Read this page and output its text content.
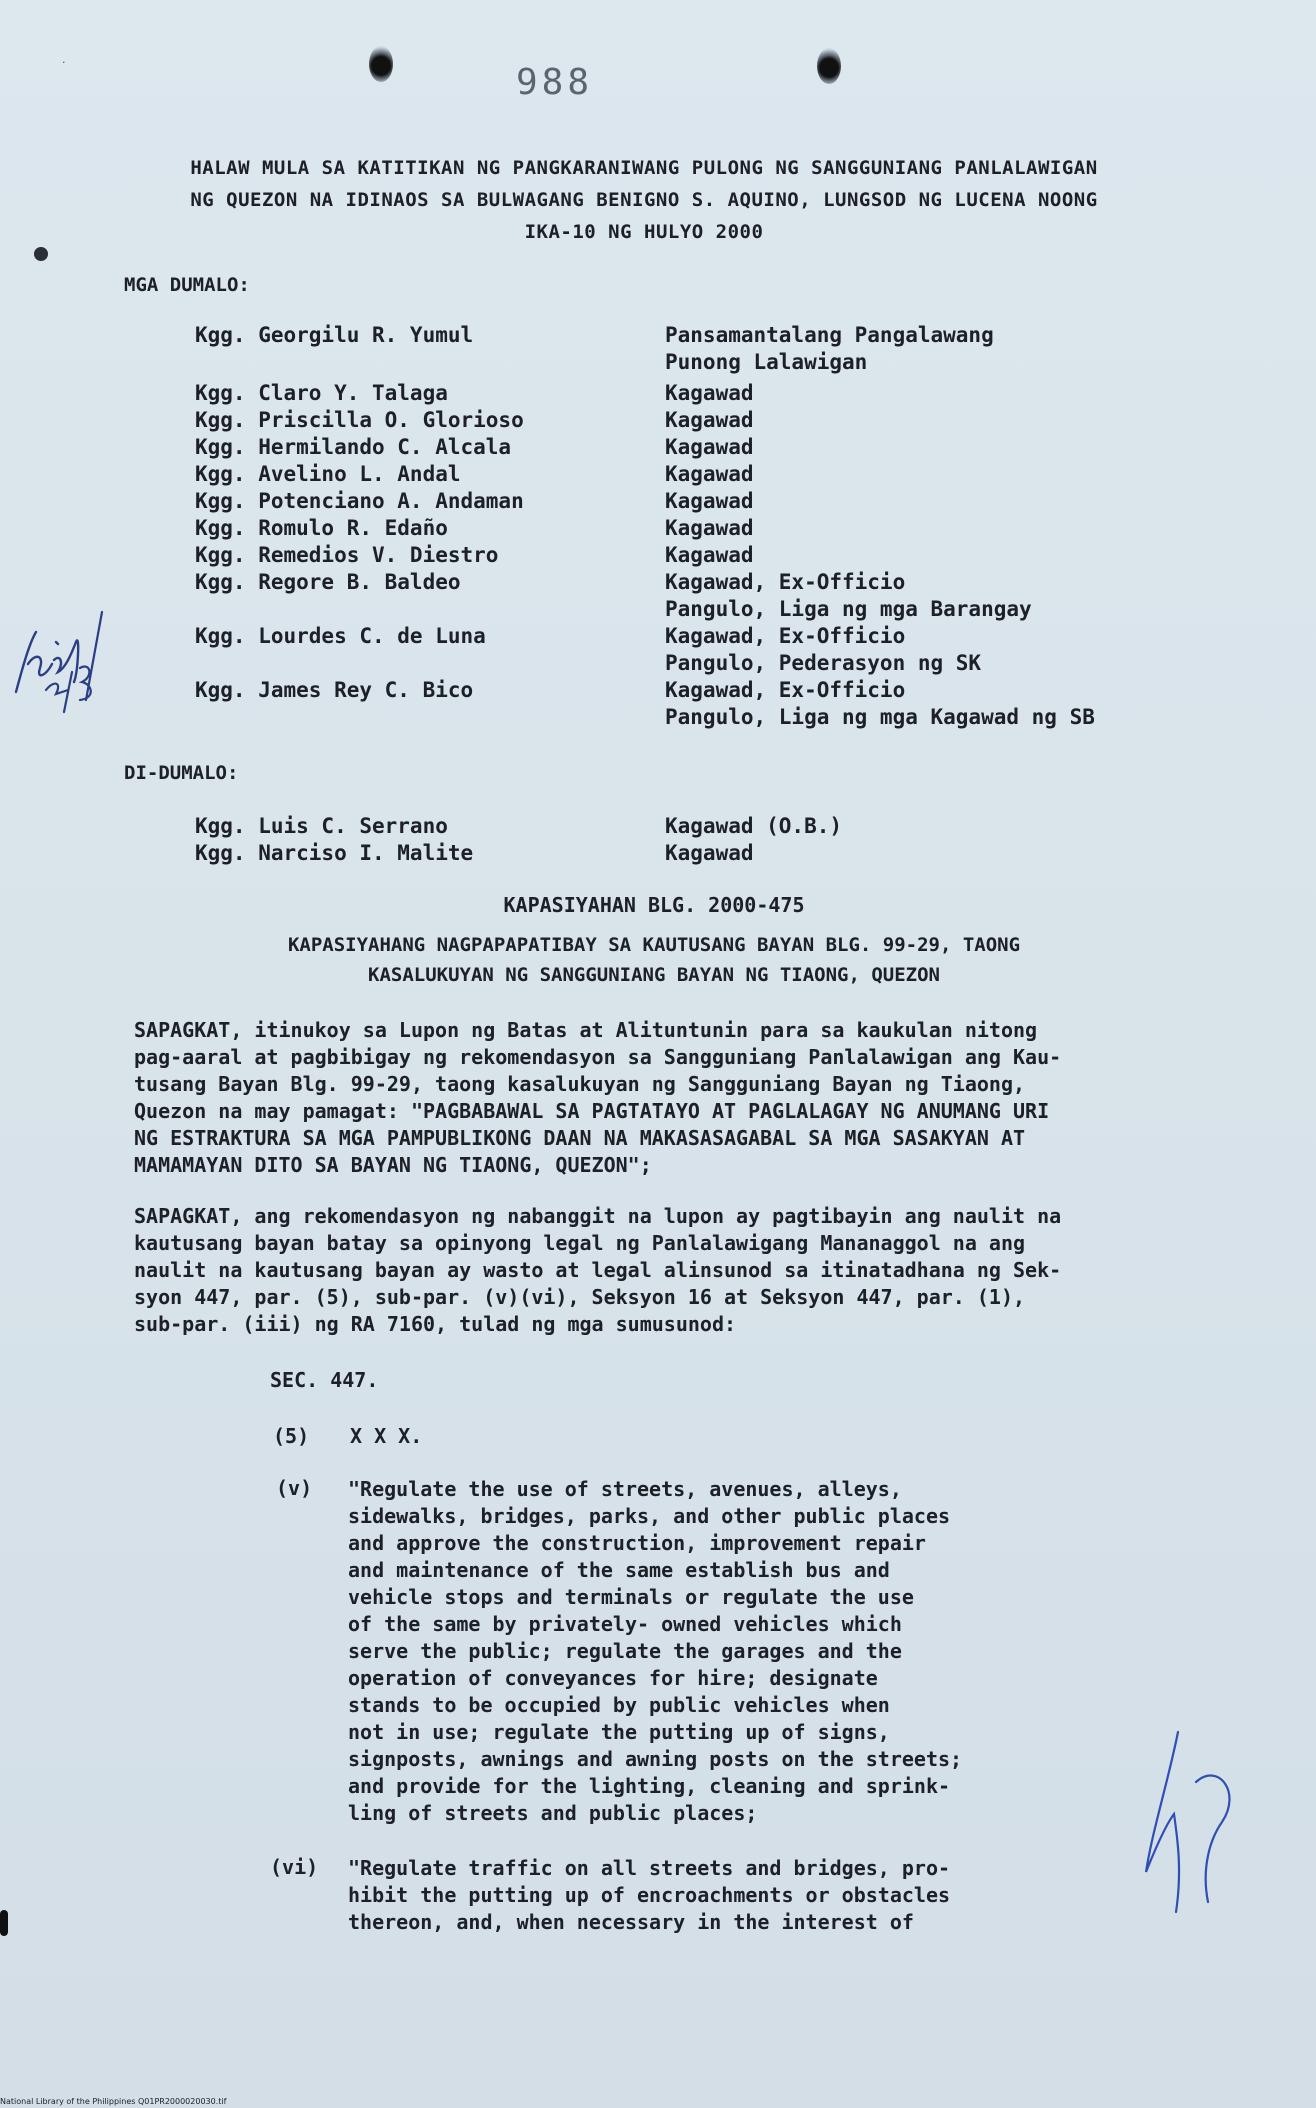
·	988
HALAW MULA SA KATITIKAN NG PANGKARANIWANG PULONG NG SANGGUNIANG PANLALAWIGAN
NG QUEZON NA IDINAOS SA BULWAGANG BENIGNO S. AQUINO, LUNGSOD NG LUCENA NOONG
IKA-10 NG HULYO 2000
MGA DUMALO:
Kgg. Georgilu R. Yumul	Pansamantalang Pangalawang
Punong Lalawigan
Kgg. Claro Y. Talaga	Kagawad
Kgg. Priscilla O. Glorioso	Kagawad
Kgg. Hermilando C. Alcala	Kagawad
Kgg. Avelino L. Andal	Kagawad
Kgg. Potenciano A. Andaman	Kagawad
Kgg. Romulo R. Edaño	Kagawad
Kgg. Remedios V. Diestro	Kagawad
Kgg. Regore B. Baldeo	Kagawad, Ex-Officio
Pangulo, Liga ng mga Barangay
Kgg. Lourdes C. de Luna	Kagawad, Ex-Officio
Pangulo, Pederasyon ng SK
Kgg. James Rey C. Bico	Kagawad, Ex-Officio
Pangulo, Liga ng mga Kagawad ng SB
DI-DUMALO:
Kgg. Luis C. Serrano	Kagawad (O.B.)
Kgg. Narciso I. Malite	Kagawad
KAPASIYAHAN BLG. 2000-475
KAPASIYAHANG NAGPAPAPATIBAY SA KAUTUSANG BAYAN BLG. 99-29, TAONG
KASALUKUYAN NG SANGGUNIANG BAYAN NG TIAONG, QUEZON
SAPAGKAT, itinukoy sa Lupon ng Batas at Alituntunin para sa kaukulan nitong
pag-aaral at pagbibigay ng rekomendasyon sa Sangguniang Panlalawigan ang Kau-
tusang Bayan Blg. 99-29, taong kasalukuyan ng Sangguniang Bayan ng Tiaong,
Quezon na may pamagat: "PAGBABAWAL SA PAGTATAYO AT PAGLALAGAY NG ANUMANG URI
NG ESTRAKTURA SA MGA PAMPUBLIKONG DAAN NA MAKASASAGABAL SA MGA SASAKYAN AT
MAMAMAYAN DITO SA BAYAN NG TIAONG, QUEZON";
SAPAGKAT, ang rekomendasyon ng nabanggit na lupon ay pagtibayin ang naulit na
kautusang bayan batay sa opinyong legal ng Panlalawigang Mananaggol na ang
naulit na kautusang bayan ay wasto at legal alinsunod sa itinatadhana ng Sek-
syon 447, par. (5), sub-par. (v)(vi), Seksyon 16 at Seksyon 447, par. (1),
sub-par. (iii) ng RA 7160, tulad ng mga sumusunod:
SEC. 447.
(5) X X X.
(v) "Regulate the use of streets, avenues, alleys,
sidewalks, bridges, parks, and other public places
and approve the construction, improvement repair
and maintenance of the same establish bus and
vehicle stops and terminals or regulate the use
of the same by privately- owned vehicles which
serve the public; regulate the garages and the
operation of conveyances for hire; designate
stands to be occupied by public vehicles when
not in use; regulate the putting up of signs,
signposts, awnings and awning posts on the streets;
and provide for the lighting, cleaning and sprink-
ling of streets and public places;
(vi) "Regulate traffic on all streets and bridges, pro-
hibit the putting up of encroachments or obstacles
thereon, and, when necessary in the interest of
National Library of the Philippines Q01PR2000020030.tif
